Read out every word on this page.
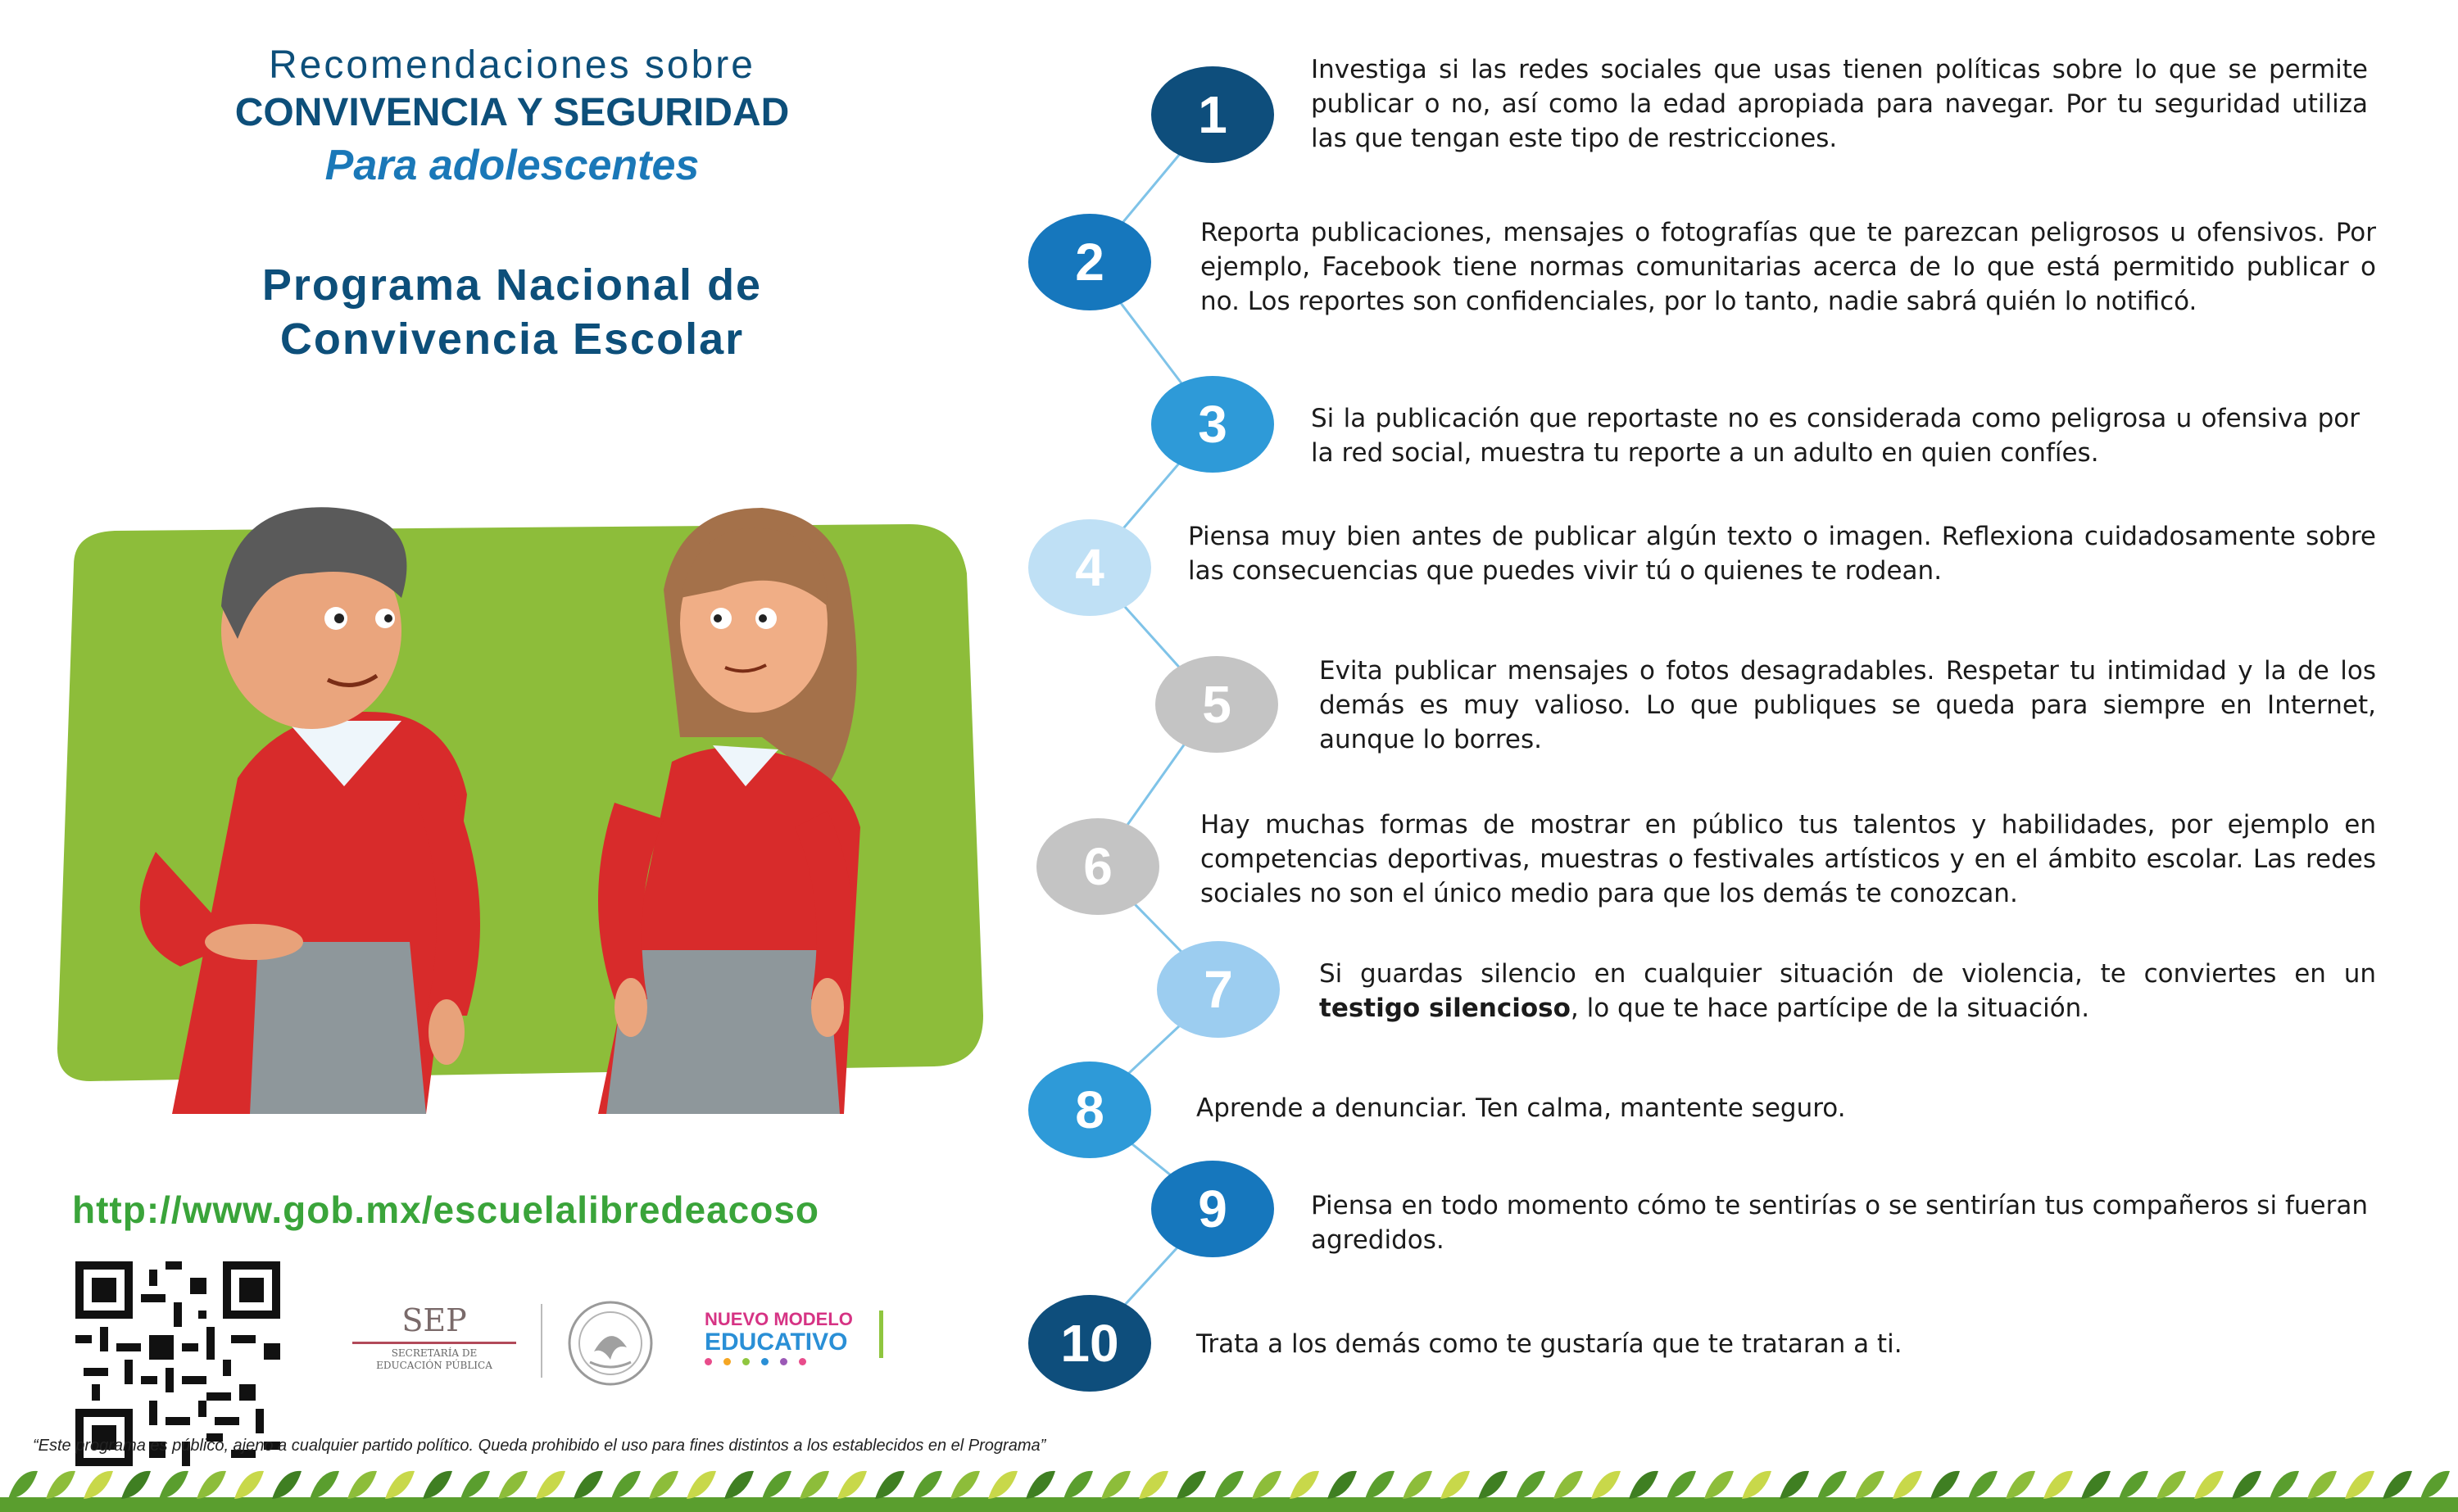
Recomendaciones sobre
CONVIVENCIA Y SEGURIDAD
Para adolescentes
Programa Nacional de
Convivencia Escolar
http://www.gob.mx/escuelalibredeacoso
SEP
SECRETARÍA DE
EDUCACIÓN PÚBLICA
NUEVO MODELO
EDUCATIVO
“Este programa es público, ajeno a cualquier partido político. Queda prohibido el uso para fines distintos a los establecidos en el Programa”
1
2
3
4
5
6
7
8
9
10
Investiga si las redes sociales que usas tienen políticas sobre lo que se permite publicar o no, así como la edad apropiada para navegar. Por tu seguridad utiliza las que tengan este tipo de restricciones.
Reporta publicaciones, mensajes o fotografías que te parezcan peligrosos u ofensivos. Por ejemplo, Facebook tiene normas comunitarias acerca de lo que está permitido publicar o no. Los reportes son confidenciales, por lo tanto, nadie sabrá quién lo notificó.
Si la publicación que reportaste no es considerada como peligrosa u ofensiva por la red social, muestra tu reporte a un adulto en quien confíes.
Piensa muy bien antes de publicar algún texto o imagen. Reflexiona cuidadosamente sobre las consecuencias que puedes vivir tú o quienes te rodean.
Evita publicar mensajes o fotos desagradables. Respetar tu intimidad y la de los demás es muy valioso. Lo que publiques se queda para siempre en Internet, aunque lo borres.
Hay muchas formas de mostrar en público tus talentos y habilidades, por ejemplo en competencias deportivas, muestras o festivales artísticos y en el ámbito escolar. Las redes sociales no son el único medio para que los demás te conozcan.
Si guardas silencio en cualquier situación de violencia, te conviertes en un testigo silencioso, lo que te hace partícipe de la situación.
Aprende a denunciar. Ten calma, mantente seguro.
Piensa en todo momento cómo te sentirías o se sentirían tus compañeros si fueran agredidos.
Trata a los demás como te gustaría que te trataran a ti.
